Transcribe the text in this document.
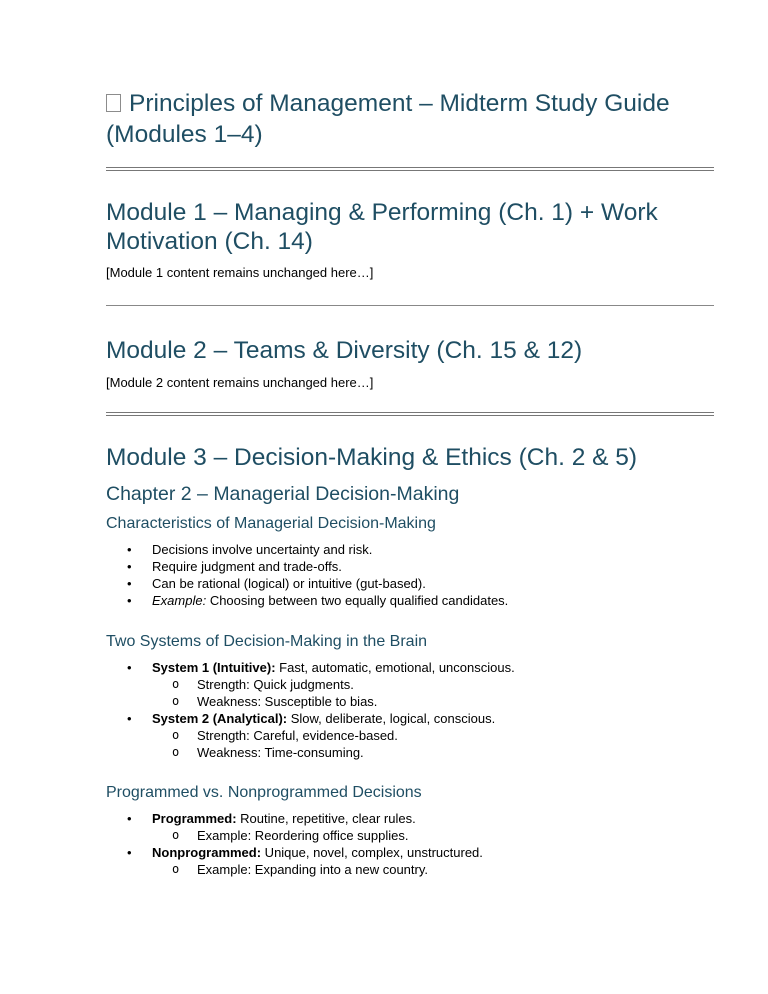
Principles of Management – Midterm Study Guide (Modules 1–4)
Module 1 – Managing & Performing (Ch. 1) + Work Motivation (Ch. 14)
[Module 1 content remains unchanged here…]
Module 2 – Teams & Diversity (Ch. 15 & 12)
[Module 2 content remains unchanged here…]
Module 3 – Decision-Making & Ethics (Ch. 2 & 5)
Chapter 2 – Managerial Decision-Making
Characteristics of Managerial Decision-Making
• Decisions involve uncertainty and risk.
• Require judgment and trade-offs.
• Can be rational (logical) or intuitive (gut-based).
• Example: Choosing between two equally qualified candidates.
Two Systems of Decision-Making in the Brain
• System 1 (Intuitive): Fast, automatic, emotional, unconscious.
o Strength: Quick judgments.
o Weakness: Susceptible to bias.
• System 2 (Analytical): Slow, deliberate, logical, conscious.
o Strength: Careful, evidence-based.
o Weakness: Time-consuming.
Programmed vs. Nonprogrammed Decisions
• Programmed: Routine, repetitive, clear rules.
o Example: Reordering office supplies.
• Nonprogrammed: Unique, novel, complex, unstructured.
o Example: Expanding into a new country.
